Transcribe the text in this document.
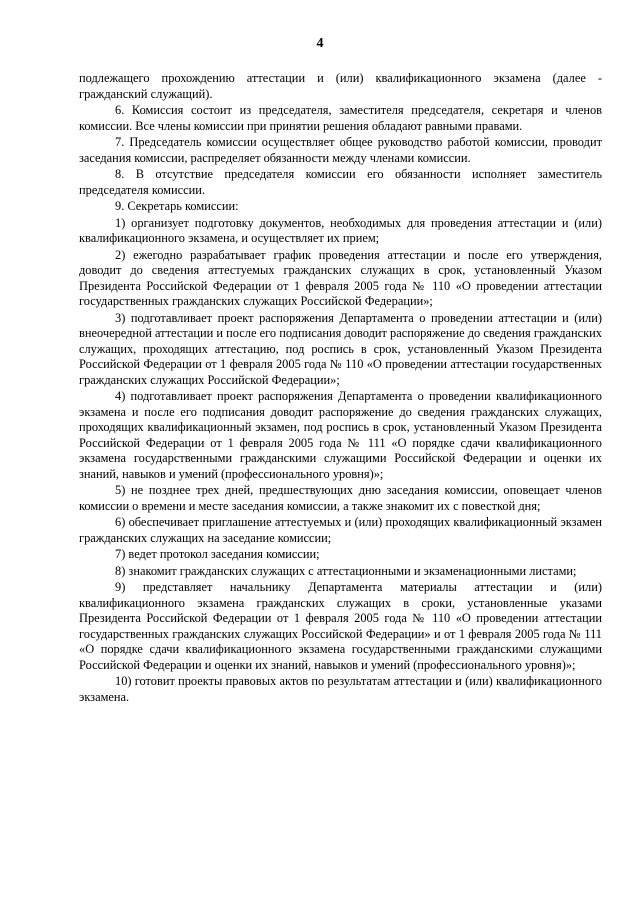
4

подлежащего прохождению аттестации и (или) квалификационного экзамена (далее - гражданский служащий).

6. Комиссия состоит из председателя, заместителя председателя, секретаря и членов комиссии. Все члены комиссии при принятии решения обладают равными правами.

7. Председатель комиссии осуществляет общее руководство работой комиссии, проводит заседания комиссии, распределяет обязанности между членами комиссии.

8. В отсутствие председателя комиссии его обязанности исполняет заместитель председателя комиссии.

9. Секретарь комиссии:

1) организует подготовку документов, необходимых для проведения аттестации и (или) квалификационного экзамена, и осуществляет их прием;

2) ежегодно разрабатывает график проведения аттестации и после его утверждения, доводит до сведения аттестуемых гражданских служащих в срок, установленный Указом Президента Российской Федерации от 1 февраля 2005 года № 110 «О проведении аттестации государственных гражданских служащих Российской Федерации»;

3) подготавливает проект распоряжения Департамента о проведении аттестации и (или) внеочередной аттестации и после его подписания доводит распоряжение до сведения гражданских служащих, проходящих аттестацию, под роспись в срок, установленный Указом Президента Российской Федерации от 1 февраля 2005 года № 110 «О проведении аттестации государственных гражданских служащих Российской Федерации»;

4) подготавливает проект распоряжения Департамента о проведении квалификационного экзамена и после его подписания доводит распоряжение до сведения гражданских служащих, проходящих квалификационный экзамен, под роспись в срок, установленный Указом Президента Российской Федерации от 1 февраля 2005 года № 111 «О порядке сдачи квалификационного экзамена государственными гражданскими служащими Российской Федерации и оценки их знаний, навыков и умений (профессионального уровня)»;

5) не позднее трех дней, предшествующих дню заседания комиссии, оповещает членов комиссии о времени и месте заседания комиссии, а также знакомит их с повесткой дня;

6) обеспечивает приглашение аттестуемых и (или) проходящих квалификационный экзамен гражданских служащих на заседание комиссии;

7) ведет протокол заседания комиссии;

8) знакомит гражданских служащих с аттестационными и экзаменационными листами;

9) представляет начальнику Департамента материалы аттестации и (или) квалификационного экзамена гражданских служащих в сроки, установленные указами Президента Российской Федерации от 1 февраля 2005 года № 110 «О проведении аттестации государственных гражданских служащих Российской Федерации» и от 1 февраля 2005 года № 111 «О порядке сдачи квалификационного экзамена государственными гражданскими служащими Российской Федерации и оценки их знаний, навыков и умений (профессионального уровня)»;

10) готовит проекты правовых актов по результатам аттестации и (или) квалификационного экзамена.
